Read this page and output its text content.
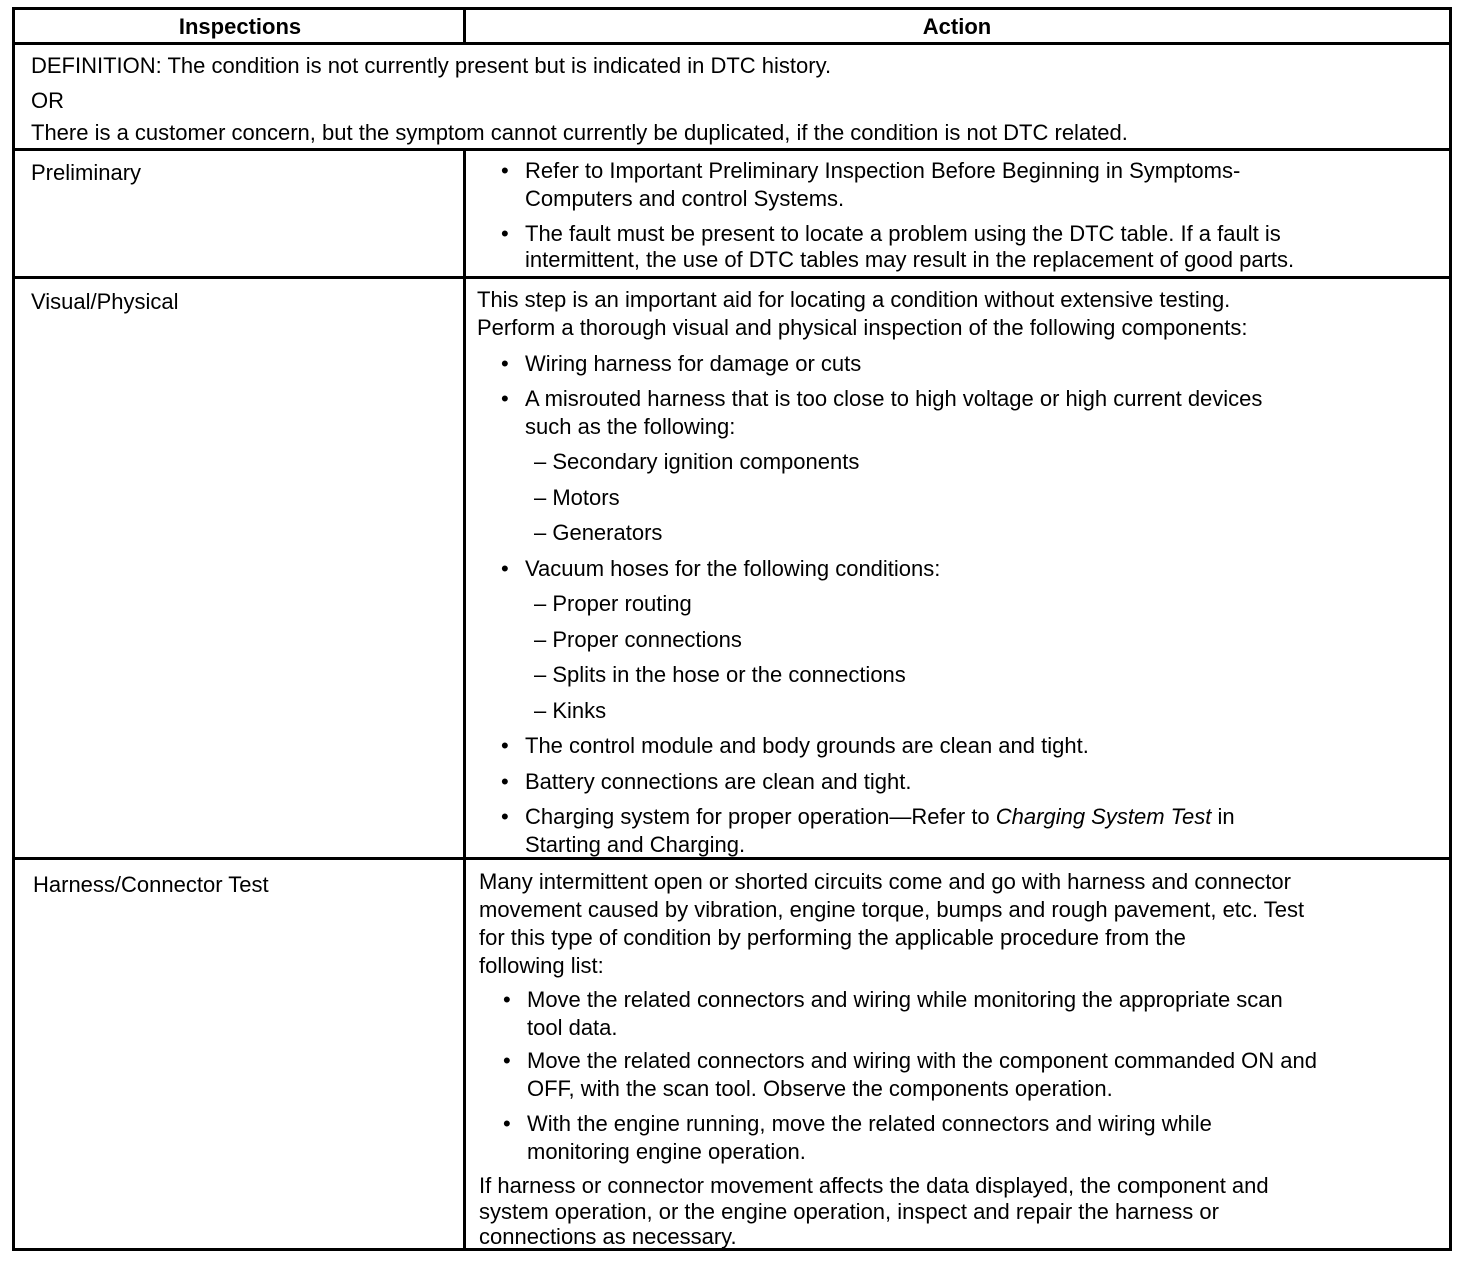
Inspections	Action
DEFINITION: The condition is not currently present but is indicated in DTC history.
OR
There is a customer concern, but the symptom cannot currently be duplicated, if the condition is not DTC related.
Preliminary	• Refer to Important Preliminary Inspection Before Beginning in Symptoms-
Computers and control Systems.
• The fault must be present to locate a problem using the DTC table. If a fault is
intermittent, the use of DTC tables may result in the replacement of good parts.
Visual/Physical	This step is an important aid for locating a condition without extensive testing.
Perform a thorough visual and physical inspection of the following components:
• Wiring harness for damage or cuts
• A misrouted harness that is too close to high voltage or high current devices
such as the following:
– Secondary ignition components
– Motors
– Generators
• Vacuum hoses for the following conditions:
– Proper routing
– Proper connections
– Splits in the hose or the connections
– Kinks
• The control module and body grounds are clean and tight.
• Battery connections are clean and tight.
• Charging system for proper operation—Refer to Charging System Test in
Starting and Charging.
Harness/Connector Test	Many intermittent open or shorted circuits come and go with harness and connector
movement caused by vibration, engine torque, bumps and rough pavement, etc. Test
for this type of condition by performing the applicable procedure from the
following list:
• Move the related connectors and wiring while monitoring the appropriate scan
tool data.
• Move the related connectors and wiring with the component commanded ON and
OFF, with the scan tool. Observe the components operation.
• With the engine running, move the related connectors and wiring while
monitoring engine operation.
If harness or connector movement affects the data displayed, the component and
system operation, or the engine operation, inspect and repair the harness or
connections as necessary.
